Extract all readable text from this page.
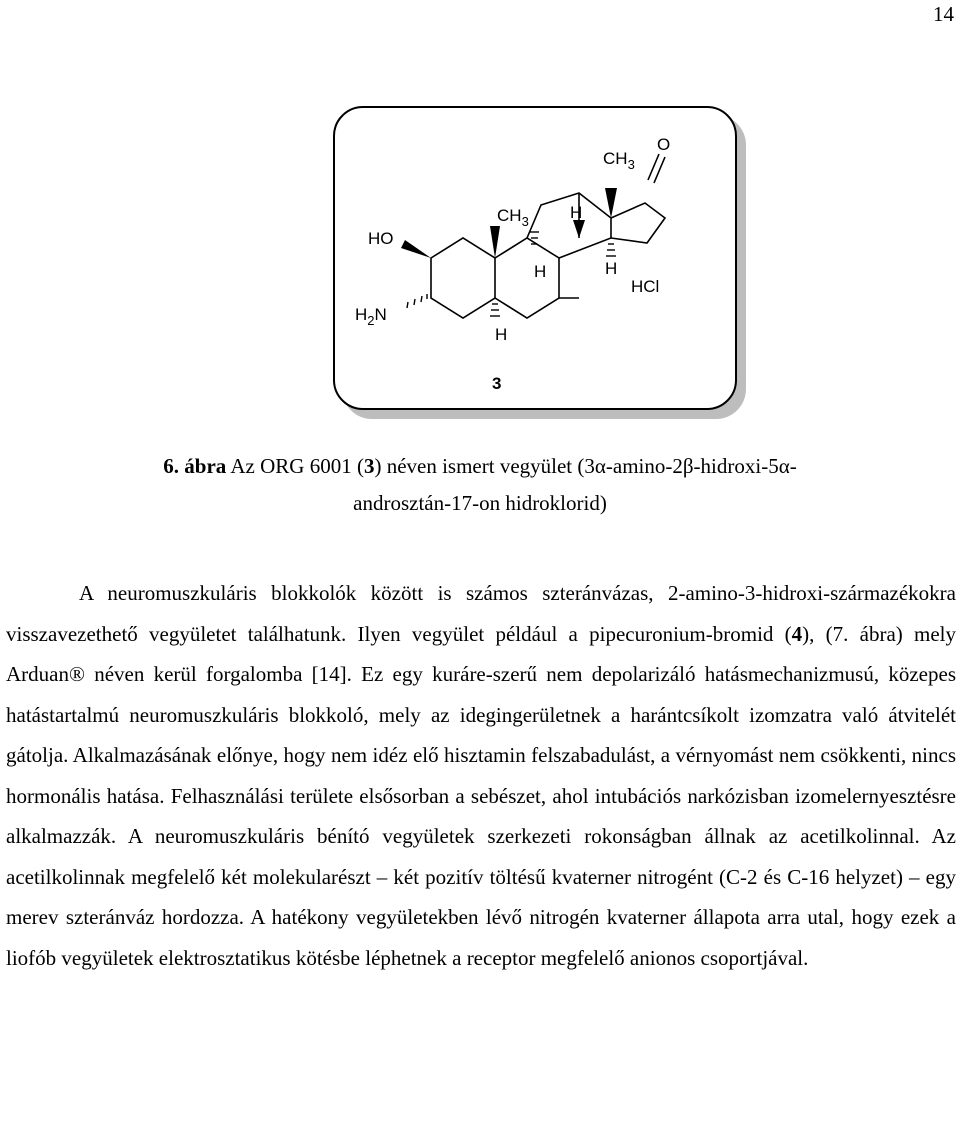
14
HO
$H_2N$
$CH_3$ H
H	H
HCl
H
$CH_3$
O
3
6. ábra Az ORG 6001 (3) néven ismert vegyület (3α-amino-2β-hidroxi-5α-
androsztán-17-on hidroklorid)

A neuromuszkuláris blokkolók között is számos szteránvázas, 2-amino-3-hidroxi-származékokra visszavezethető vegyületet találhatunk. Ilyen vegyület például a pipecuronium-bromid (4), (7. ábra) mely Arduan® néven kerül forgalomba [14]. Ez egy kuráre-szerű nem depolarizáló hatásmechanizmusú, közepes hatástartalmú neuromuszkuláris blokkoló, mely az idegingerületnek a harántcsíkolt izomzatra való átvitelét gátolja. Alkalmazásának előnye, hogy nem idéz elő hisztamin felszabadulást, a vérnyomást nem csökkenti, nincs hormonális hatása. Felhasználási területe elsősorban a sebészet, ahol intubációs narkózisban izomelernyesztésre alkalmazzák. A neuromuszkuláris bénító vegyületek szerkezeti rokonságban állnak az acetilkolinnal. Az acetilkolinnak megfelelő két molekularészt – két pozitív töltésű kvaterner nitrogént (C-2 és C-16 helyzet) – egy merev szteránváz hordozza. A hatékony vegyületekben lévő nitrogén kvaterner állapota arra utal, hogy ezek a liofób vegyületek elektrosztatikus kötésbe léphetnek a receptor megfelelő anionos csoportjával.
